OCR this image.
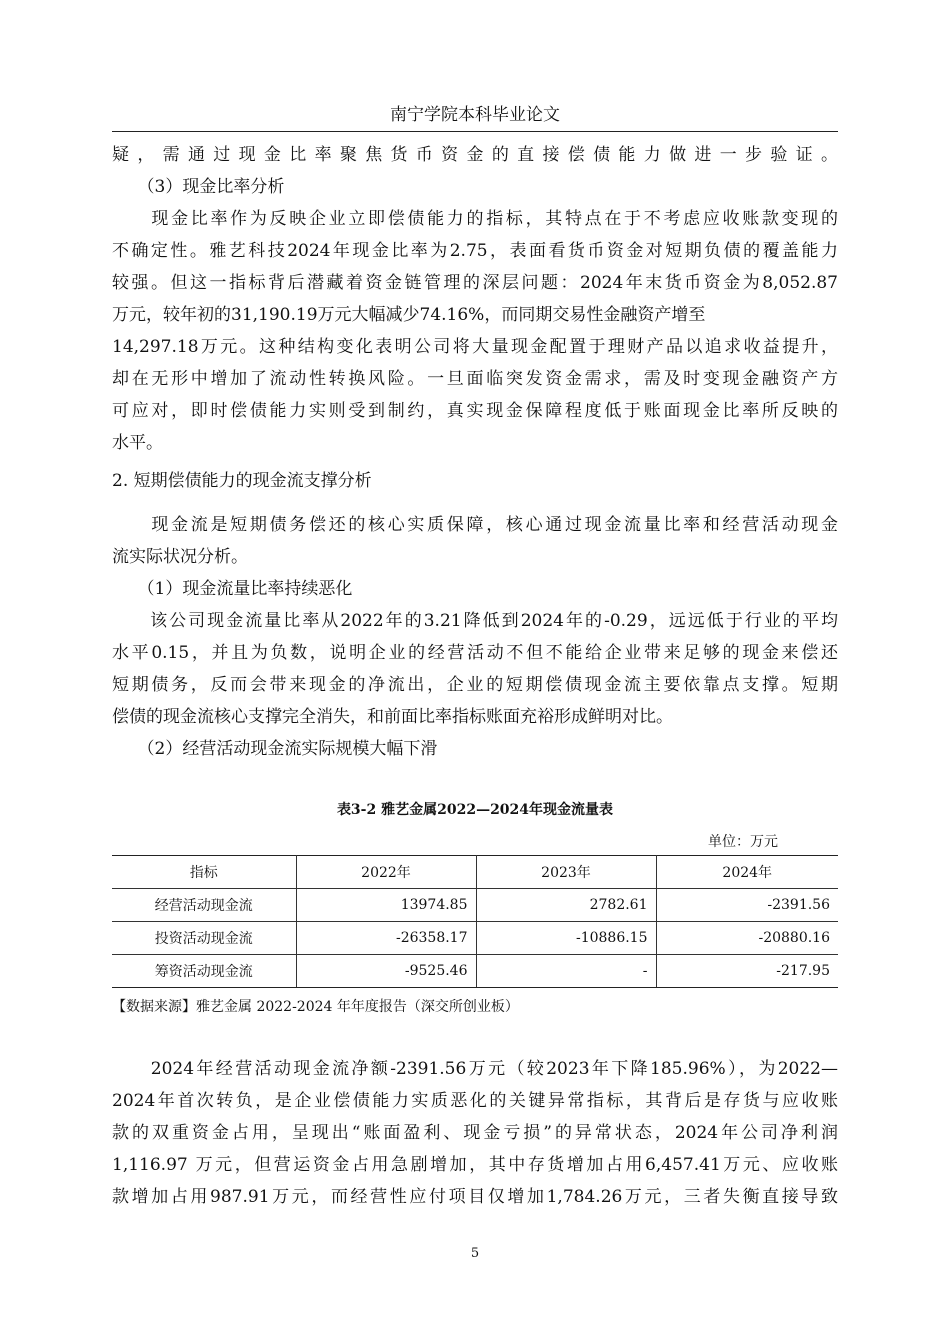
南宁学院本科毕业论文
疑，需通过现金比率聚焦货币资金的直接偿债能力做进一步验证。
　　（3）现金比率分析
　　现金比率作为反映企业立即偿债能力的指标，其特点在于不考虑应收账款变现的
不确定性。雅艺科技2024年现金比率为2.75，表面看货币资金对短期负债的覆盖能力
较强。但这一指标背后潜藏着资金链管理的深层问题：2024年末货币资金为8,052.87
万元，较年初的31,190.19万元大幅减少74.16%，而同期交易性金融资产增至
14,297.18万元。这种结构变化表明公司将大量现金配置于理财产品以追求收益提升，
却在无形中增加了流动性转换风险。一旦面临突发资金需求，需及时变现金融资产方
可应对，即时偿债能力实则受到制约，真实现金保障程度低于账面现金比率所反映的
水平。
2. 短期偿债能力的现金流支撑分析
　　现金流是短期债务偿还的核心实质保障，核心通过现金流量比率和经营活动现金
流实际状况分析。
　　（1）现金流量比率持续恶化
　　该公司现金流量比率从2022年的3.21降低到2024年的-0.29，远远低于行业的平均
水平0.15，并且为负数，说明企业的经营活动不但不能给企业带来足够的现金来偿还
短期债务，反而会带来现金的净流出，企业的短期偿债现金流主要依靠点支撑。短期
偿债的现金流核心支撑完全消失，和前面比率指标账面充裕形成鲜明对比。
　　（2）经营活动现金流实际规模大幅下滑
表3-2 雅艺金属2022—2024年现金流量表
单位：万元
指标	2022年	2023年	2024年
经营活动现金流	13974.85	2782.61	-2391.56
投资活动现金流	-26358.17	-10886.15	-20880.16
筹资活动现金流	-9525.46	-	-217.95
【数据来源】雅艺金属 2022-2024 年年度报告（深交所创业板）
　　2024年经营活动现金流净额-2391.56万元（较2023年下降185.96%），为2022—
2024年首次转负，是企业偿债能力实质恶化的关键异常指标，其背后是存货与应收账
款的双重资金占用，呈现出“账面盈利、现金亏损”的异常状态，2024年公司净利润
1,116.97 万元，但营运资金占用急剧增加，其中存货增加占用6,457.41万元、应收账
款增加占用987.91万元，而经营性应付项目仅增加1,784.26万元，三者失衡直接导致
5
